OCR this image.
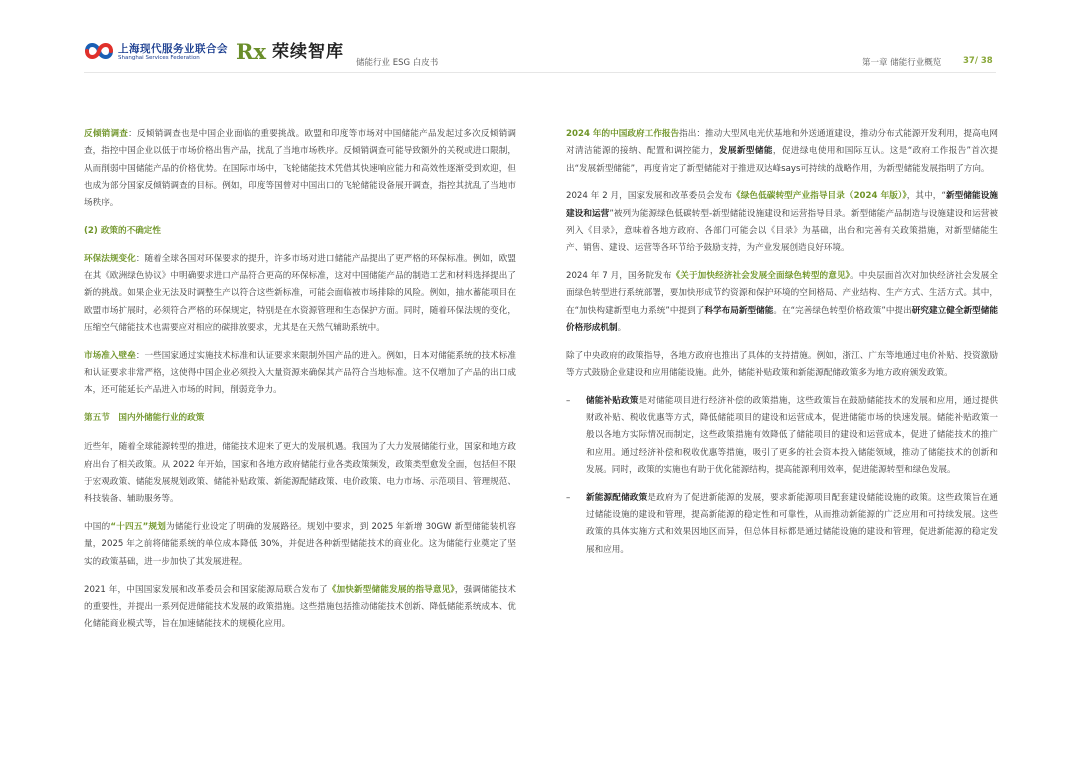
上海现代服务业联合会
Shanghai Services Federation Rx 荣续智库
储能行业 ESG 白皮书	第一章 储能行业概览	37/ 38

反倾销调查：反倾销调查也是中国企业面临的重要挑战。欧盟和印度等市场对中国储能产品发起过多次反倾销调查，指控中国企业以低于市场价格出售产品，扰乱了当地市场秩序。反倾销调查可能导致额外的关税或进口限制，从而削弱中国储能产品的价格优势。在国际市场中，飞轮储能技术凭借其快速响应能力和高效性逐渐受到欢迎，但也成为部分国家反倾销调查的目标。例如，印度等国曾对中国出口的飞轮储能设备展开调查，指控其扰乱了当地市场秩序。

(2) 政策的不确定性

环保法规变化：随着全球各国对环保要求的提升，许多市场对进口储能产品提出了更严格的环保标准。例如，欧盟在其《欧洲绿色协议》中明确要求进口产品符合更高的环保标准，这对中国储能产品的制造工艺和材料选择提出了新的挑战。如果企业无法及时调整生产以符合这些新标准，可能会面临被市场排除的风险。例如，抽水蓄能项目在欧盟市场扩展时，必须符合严格的环保规定，特别是在水资源管理和生态保护方面。同时，随着环保法规的变化，压缩空气储能技术也需要应对相应的碳排放要求，尤其是在天然气辅助系统中。

市场准入壁垒：一些国家通过实施技术标准和认证要求来限制外国产品的进入。例如，日本对储能系统的技术标准和认证要求非常严格，这使得中国企业必须投入大量资源来确保其产品符合当地标准。这不仅增加了产品的出口成本，还可能延长产品进入市场的时间，削弱竞争力。

第五节　国内外储能行业的政策

近些年，随着全球能源转型的推进，储能技术迎来了更大的发展机遇。我国为了大力发展储能行业，国家和地方政府出台了相关政策。从 2022 年开始，国家和各地方政府储能行业各类政策频发，政策类型愈发全面，包括但不限于宏观政策、储能发展规划政策、储能补贴政策、新能源配储政策、电价政策、电力市场、示范项目、管理规范、科技装备、辅助服务等。

中国的“十四五”规划为储能行业设定了明确的发展路径。规划中要求，到 2025 年新增 30GW 新型储能装机容量，2025 年之前将储能系统的单位成本降低 30%，并促进各种新型储能技术的商业化。这为储能行业奠定了坚实的政策基础，进一步加快了其发展进程。

2021 年，中国国家发展和改革委员会和国家能源局联合发布了《加快新型储能发展的指导意见》，强调储能技术的重要性，并提出一系列促进储能技术发展的政策措施。这些措施包括推动储能技术创新、降低储能系统成本、优化储能商业模式等，旨在加速储能技术的规模化应用。

2024 年的中国政府工作报告指出：推动大型风电光伏基地和外送通道建设，推动分布式能源开发利用，提高电网对清洁能源的接纳、配置和调控能力，发展新型储能，促进绿电使用和国际互认。这是“政府工作报告”首次提出“发展新型储能”，再度肯定了新型储能对于推进双达峰says可持续的战略作用，为新型储能发展指明了方向。

2024 年 2 月，国家发展和改革委员会发布《绿色低碳转型产业指导目录（2024 年版）》，其中，“新型储能设施建设和运营”被列为能源绿色低碳转型-新型储能设施建设和运营指导目录。新型储能产品制造与设施建设和运营被列入《目录》，意味着各地方政府、各部门可能会以《目录》为基础，出台和完善有关政策措施，对新型储能生产、销售、建设、运营等各环节给予鼓励支持，为产业发展创造良好环境。

2024 年 7 月，国务院发布《关于加快经济社会发展全面绿色转型的意见》。中央层面首次对加快经济社会发展全面绿色转型进行系统部署，要加快形成节约资源和保护环境的空间格局、产业结构、生产方式、生活方式。其中，在“加快构建新型电力系统”中提到了科学布局新型储能。在“完善绿色转型价格政策”中提出研究建立健全新型储能价格形成机制。

除了中央政府的政策指导，各地方政府也推出了具体的支持措施。例如，浙江、广东等地通过电价补贴、投资激励等方式鼓励企业建设和应用储能设施。此外，储能补贴政策和新能源配储政策多为地方政府颁发政策。

– 储能补贴政策是对储能项目进行经济补偿的政策措施，这些政策旨在鼓励储能技术的发展和应用，通过提供财政补贴、税收优惠等方式，降低储能项目的建设和运营成本，促进储能市场的快速发展。储能补贴政策一般以各地方实际情况而制定，这些政策措施有效降低了储能项目的建设和运营成本，促进了储能技术的推广和应用。通过经济补偿和税收优惠等措施，吸引了更多的社会资本投入储能领域，推动了储能技术的创新和发展。同时，政策的实施也有助于优化能源结构，提高能源利用效率，促进能源转型和绿色发展。

– 新能源配储政策是政府为了促进新能源的发展，要求新能源项目配套建设储能设施的政策。这些政策旨在通过储能设施的建设和管理，提高新能源的稳定性和可靠性，从而推动新能源的广泛应用和可持续发展。这些政策的具体实施方式和效果因地区而异，但总体目标都是通过储能设施的建设和管理，促进新能源的稳定发展和应用。
